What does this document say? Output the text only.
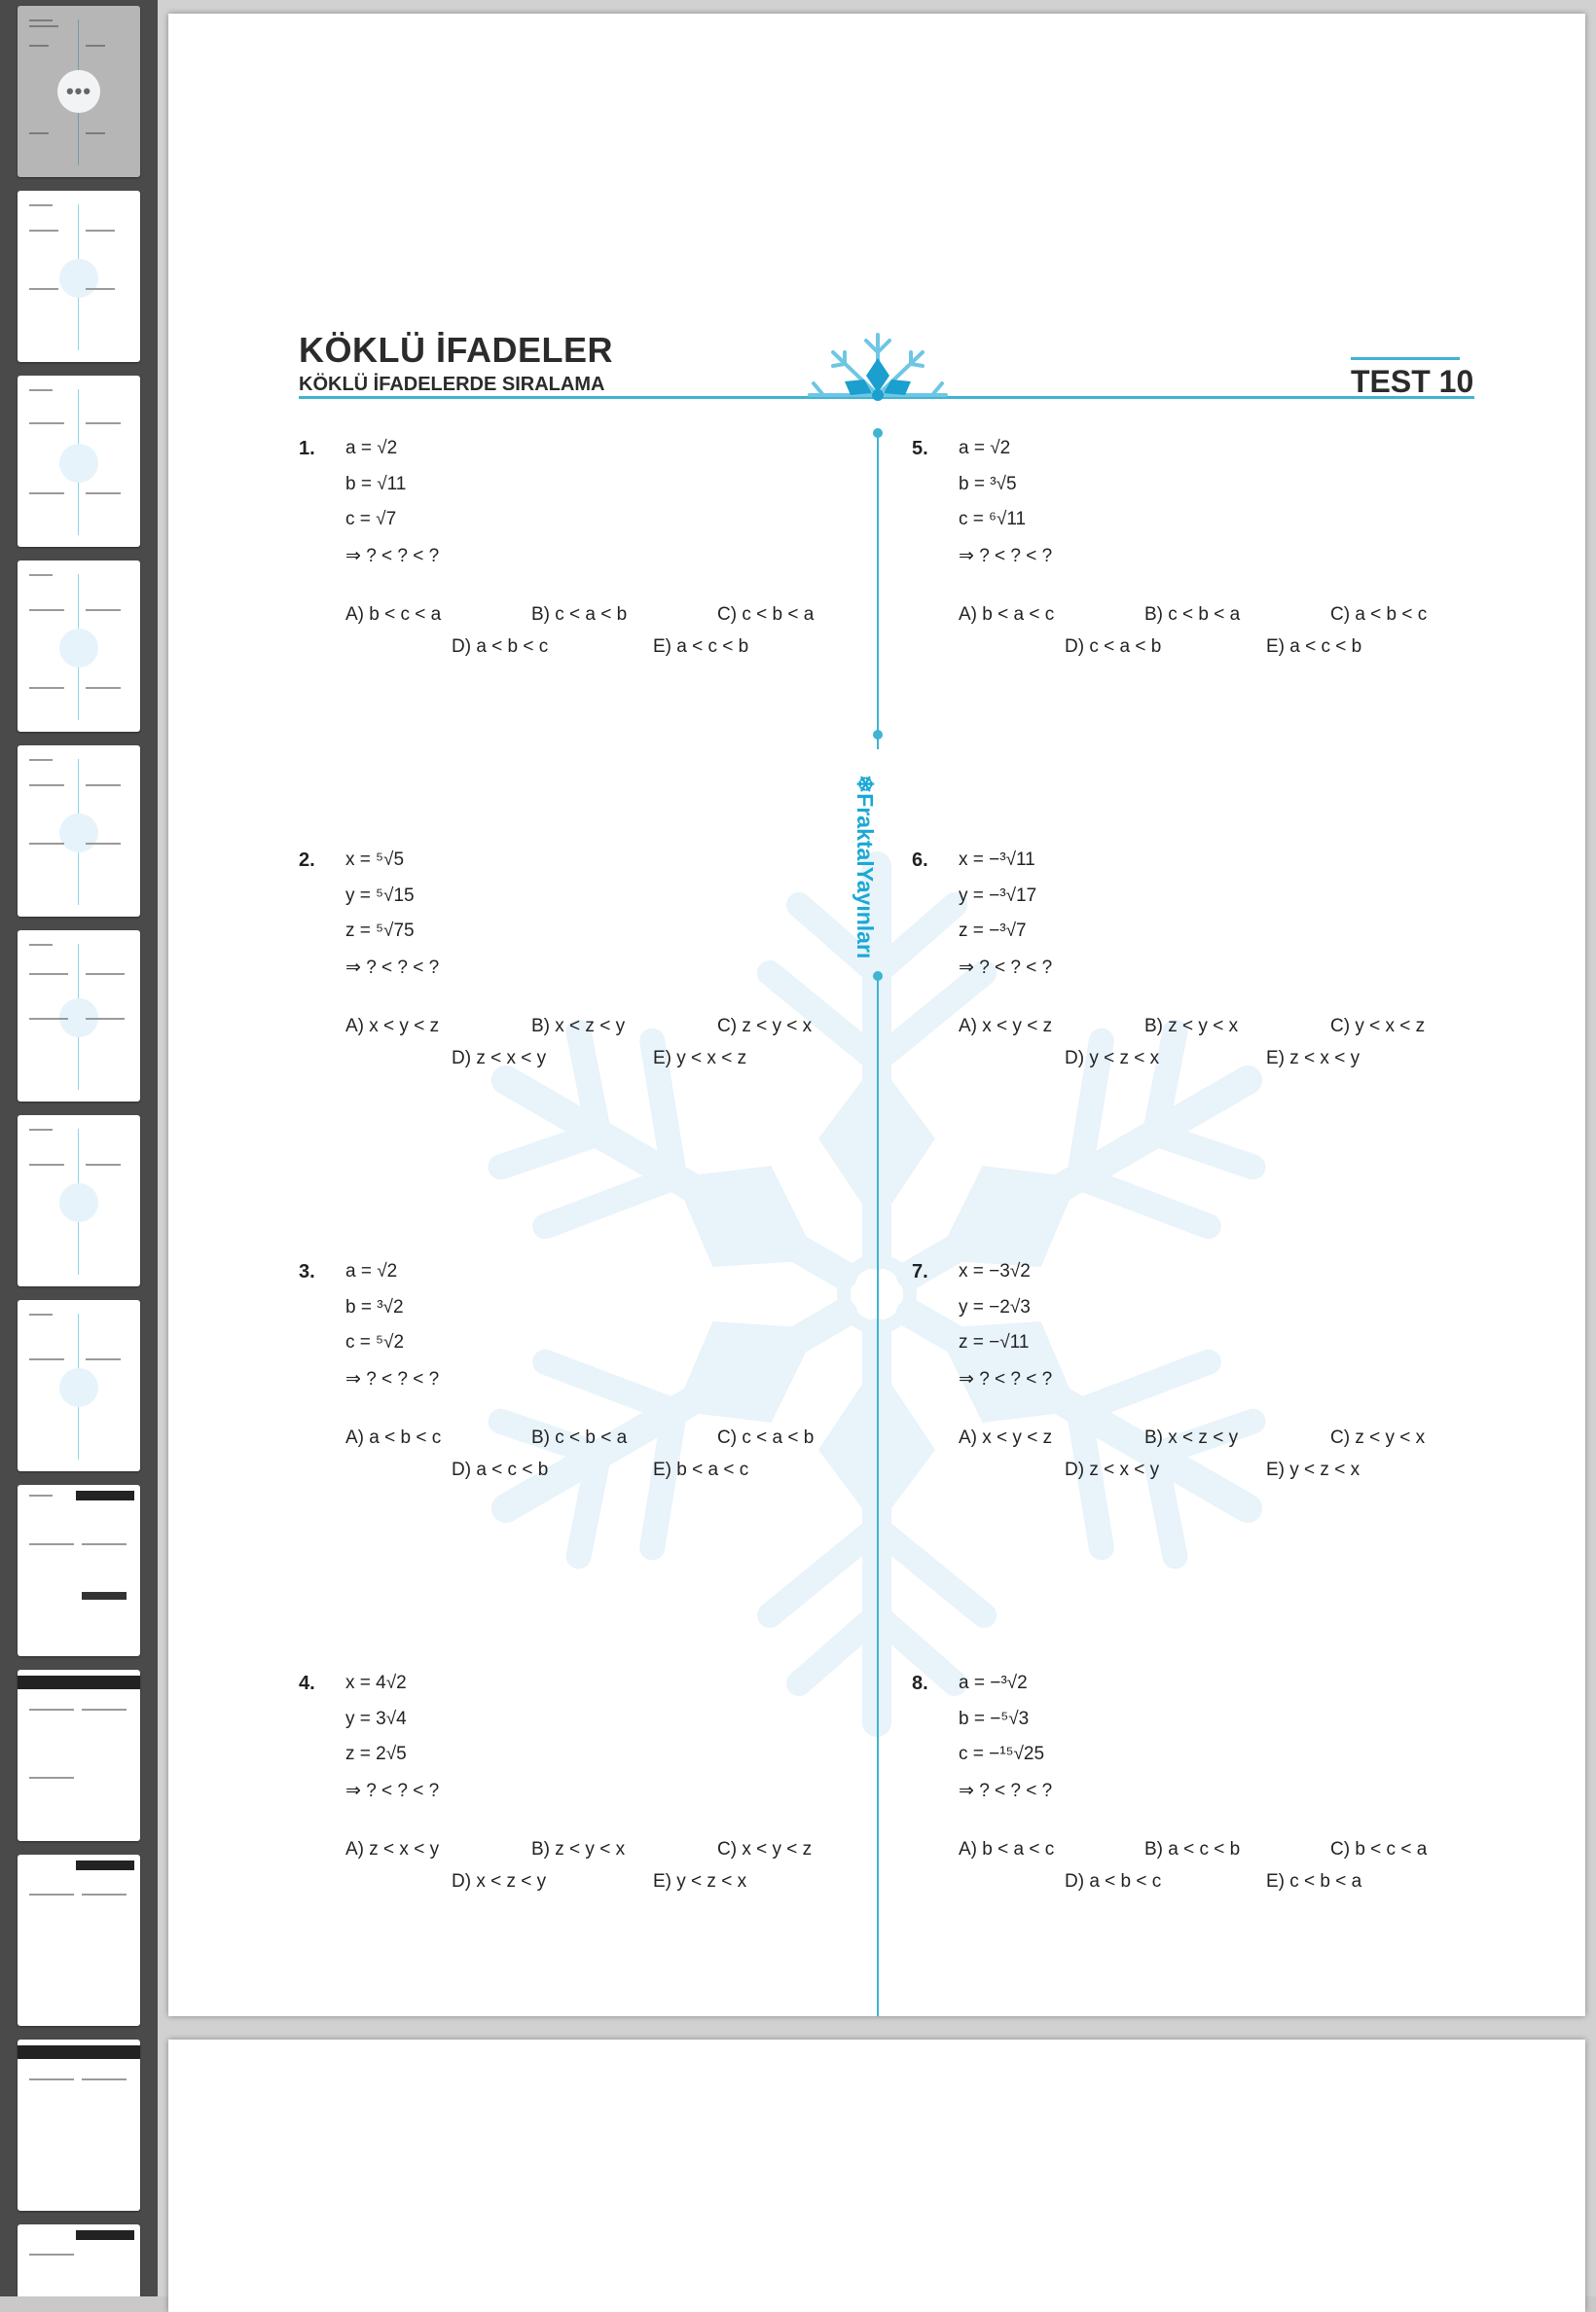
•••
KÖKLÜ İFADELER
KÖKLÜ İFADELERDE SIRALAMA	TEST 10
❄FraktalYayınları
1. a = √2
b = √11
c = √7
⇒ ? < ? < ?
A) b < c < a	B) c < a < b	C) c < b < a
D) a < b < c	E) a < c < b
2. x = ⁵√5
y = ⁵√15
z = ⁵√75
⇒ ? < ? < ?
A) x < y < z	B) x < z < y	C) z < y < x
D) z < x < y	E) y < x < z
3. a = √2
b = ³√2
c = ⁵√2
⇒ ? < ? < ?
A) a < b < c	B) c < b < a	C) c < a < b
D) a < c < b	E) b < a < c
4. x = 4√2
y = 3√4
z = 2√5
⇒ ? < ? < ?
A) z < x < y	B) z < y < x	C) x < y < z
D) x < z < y	E) y < z < x
5. a = √2
b = ³√5
c = ⁶√11
⇒ ? < ? < ?
A) b < a < c	B) c < b < a	C) a < b < c
D) c < a < b	E) a < c < b
6. x = −³√11
y = −³√17
z = −³√7
⇒ ? < ? < ?
A) x < y < z	B) z < y < x	C) y < x < z
D) y < z < x	E) z < x < y
7. x = −3√2
y = −2√3
z = −√11
⇒ ? < ? < ?
A) x < y < z	B) x < z < y	C) z < y < x
D) z < x < y	E) y < z < x
8. a = −³√2
b = −⁵√3
c = −¹⁵√25
⇒ ? < ? < ?
A) b < a < c	B) a < c < b	C) b < c < a
D) a < b < c	E) c < b < a
